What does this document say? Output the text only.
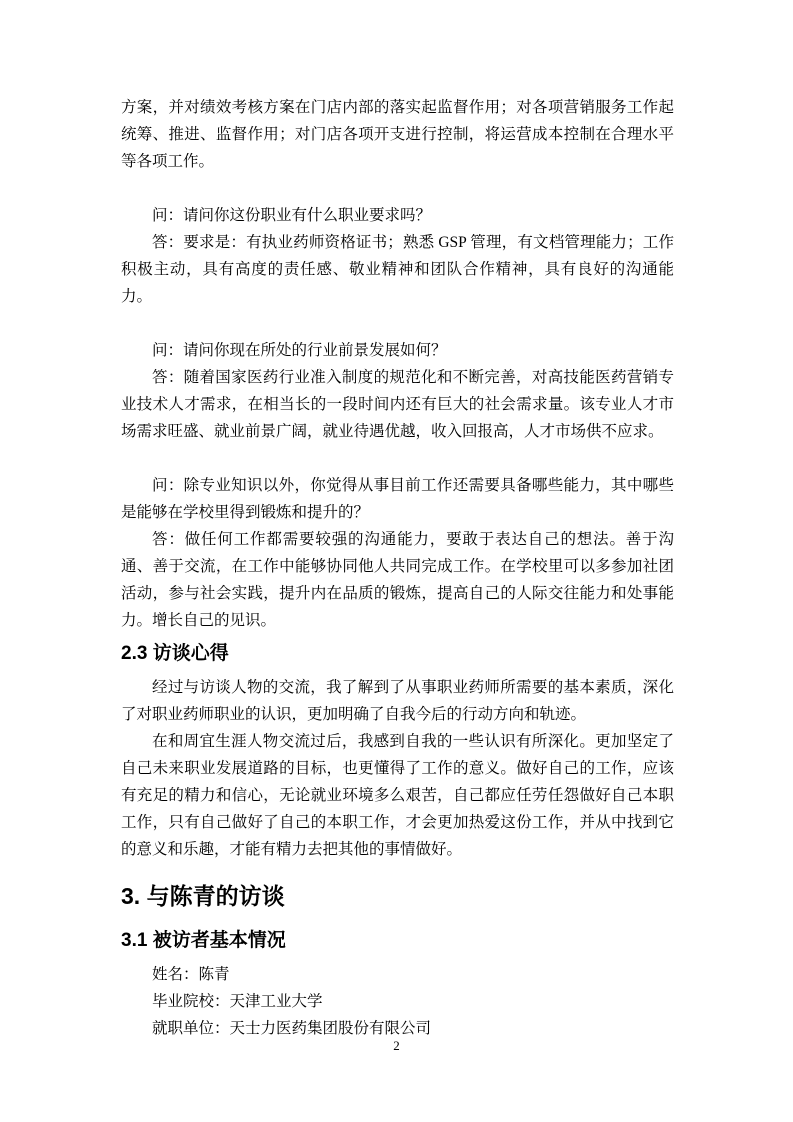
方案，并对绩效考核方案在门店内部的落实起监督作用；对各项营销服务工作起统筹、推进、监督作用；对门店各项开支进行控制，将运营成本控制在合理水平等各项工作。

问：请问你这份职业有什么职业要求吗？

答：要求是：有执业药师资格证书；熟悉 GSP 管理，有文档管理能力；工作积极主动，具有高度的责任感、敬业精神和团队合作精神，具有良好的沟通能力。

问：请问你现在所处的行业前景发展如何？

答：随着国家医药行业准入制度的规范化和不断完善，对高技能医药营销专业技术人才需求，在相当长的一段时间内还有巨大的社会需求量。该专业人才市场需求旺盛、就业前景广阔，就业待遇优越，收入回报高，人才市场供不应求。

问：除专业知识以外，你觉得从事目前工作还需要具备哪些能力，其中哪些是能够在学校里得到锻炼和提升的？

答：做任何工作都需要较强的沟通能力，要敢于表达自己的想法。善于沟通、善于交流，在工作中能够协同他人共同完成工作。在学校里可以多参加社团活动，参与社会实践，提升内在品质的锻炼，提高自己的人际交往能力和处事能力。增长自己的见识。

2.3 访谈心得

经过与访谈人物的交流，我了解到了从事职业药师所需要的基本素质，深化了对职业药师职业的认识，更加明确了自我今后的行动方向和轨迹。

在和周宜生涯人物交流过后，我感到自我的一些认识有所深化。更加坚定了自己未来职业发展道路的目标，也更懂得了工作的意义。做好自己的工作，应该有充足的精力和信心，无论就业环境多么艰苦，自己都应任劳任怨做好自己本职工作，只有自己做好了自己的本职工作，才会更加热爱这份工作，并从中找到它的意义和乐趣，才能有精力去把其他的事情做好。

3. 与陈青的访谈

3.1 被访者基本情况

姓名：陈青

毕业院校：天津工业大学

就职单位：天士力医药集团股份有限公司

2
